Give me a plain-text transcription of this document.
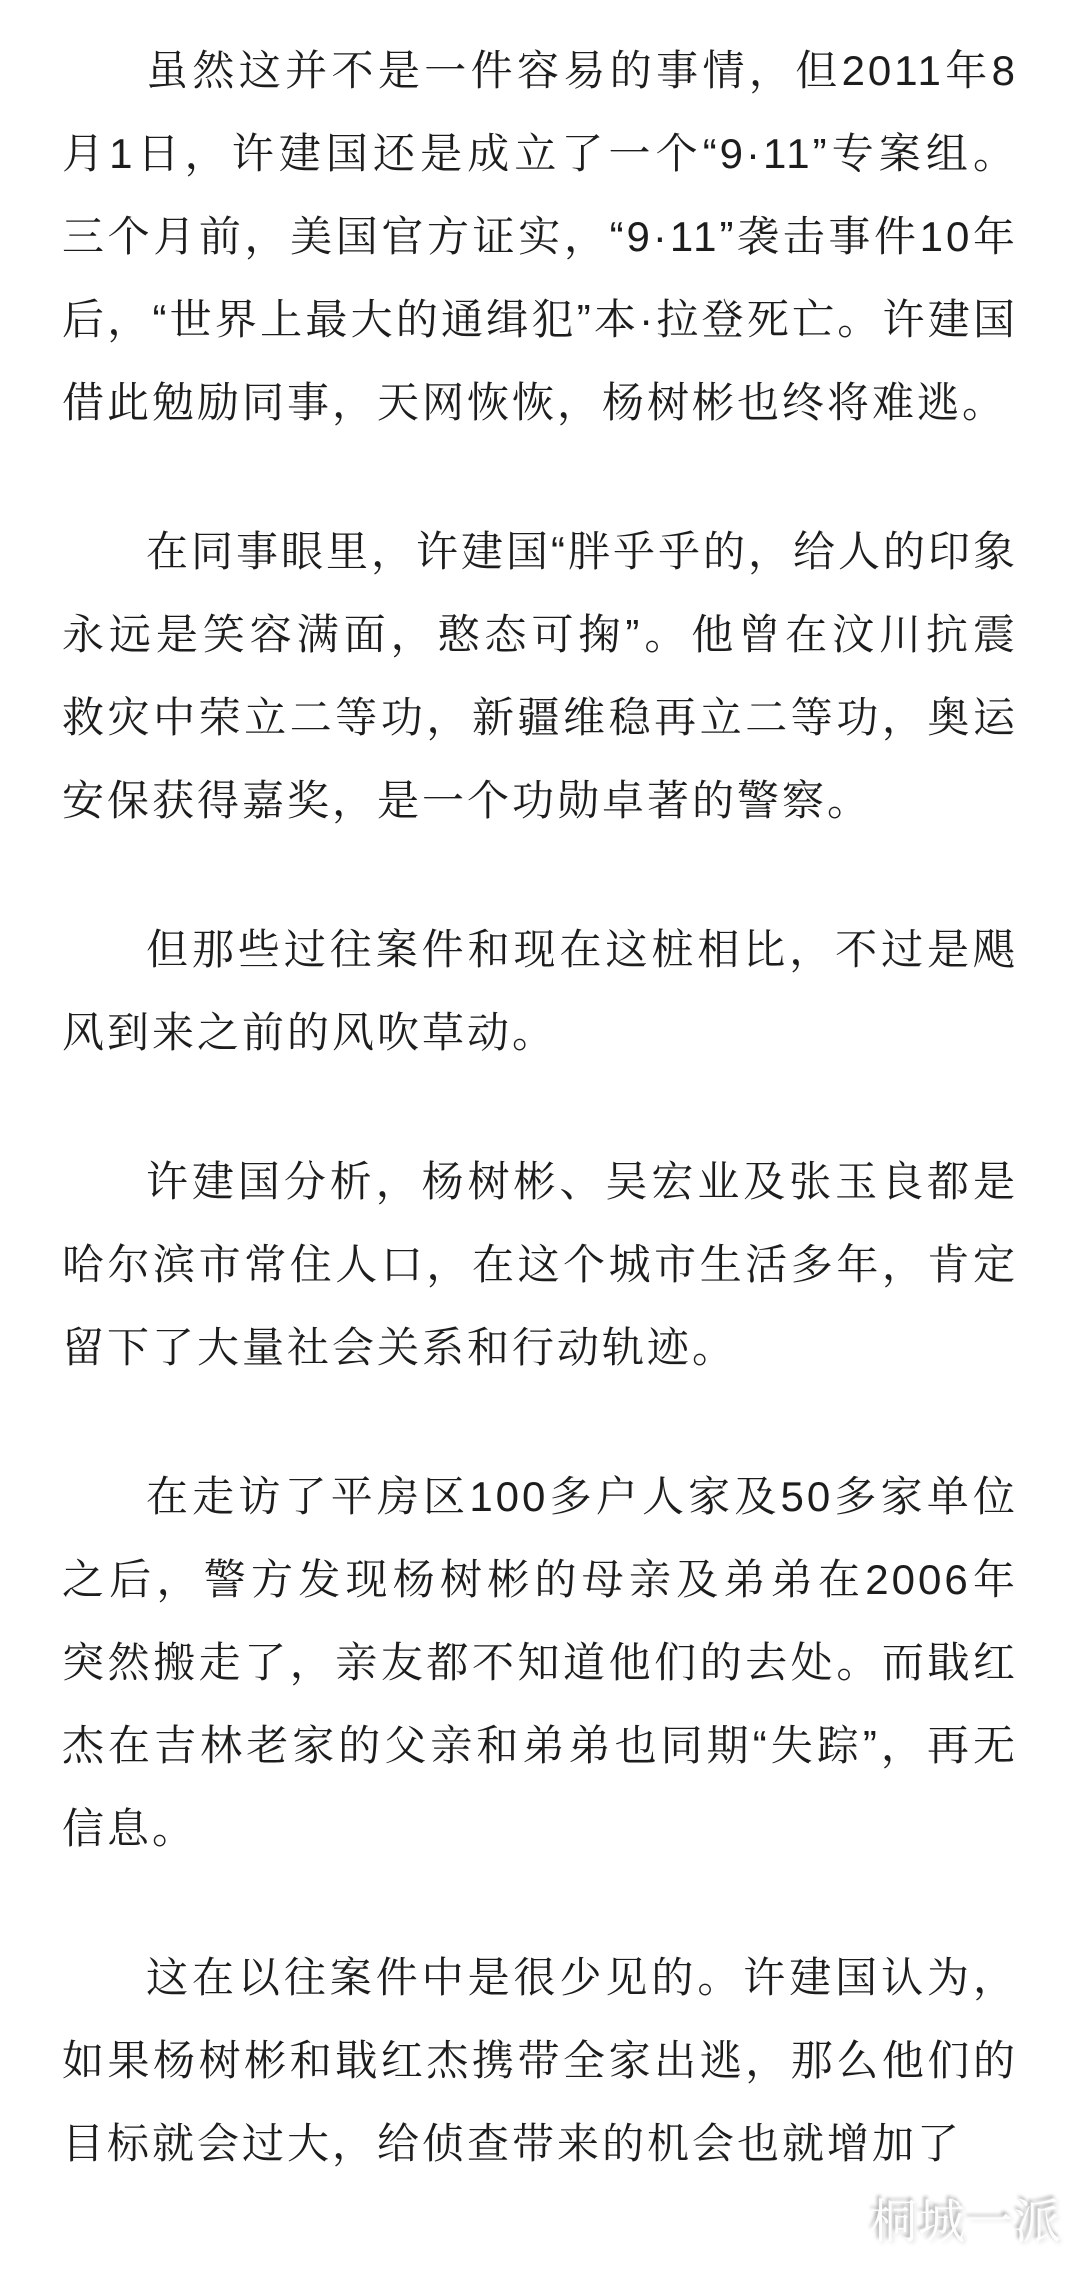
虽然这并不是一件容易的事情，但2011年8月1日，许建国还是成立了一个“9·11”专案组。三个月前，美国官方证实，“9·11”袭击事件10年后，“世界上最大的通缉犯”本·拉登死亡。许建国借此勉励同事，天网恢恢，杨树彬也终将难逃。

在同事眼里，许建国“胖乎乎的，给人的印象永远是笑容满面，憨态可掬”。他曾在汶川抗震救灾中荣立二等功，新疆维稳再立二等功，奥运安保获得嘉奖，是一个功勋卓著的警察。

但那些过往案件和现在这桩相比，不过是飓风到来之前的风吹草动。

许建国分析，杨树彬、吴宏业及张玉良都是哈尔滨市常住人口，在这个城市生活多年，肯定留下了大量社会关系和行动轨迹。

在走访了平房区100多户人家及50多家单位之后，警方发现杨树彬的母亲及弟弟在2006年突然搬走了，亲友都不知道他们的去处。而戢红杰在吉林老家的父亲和弟弟也同期“失踪”，再无信息。

这在以往案件中是很少见的。许建国认为，如果杨树彬和戢红杰携带全家出逃，那么他们的目标就会过大，给侦查带来的机会也就增加了

桐城一派
